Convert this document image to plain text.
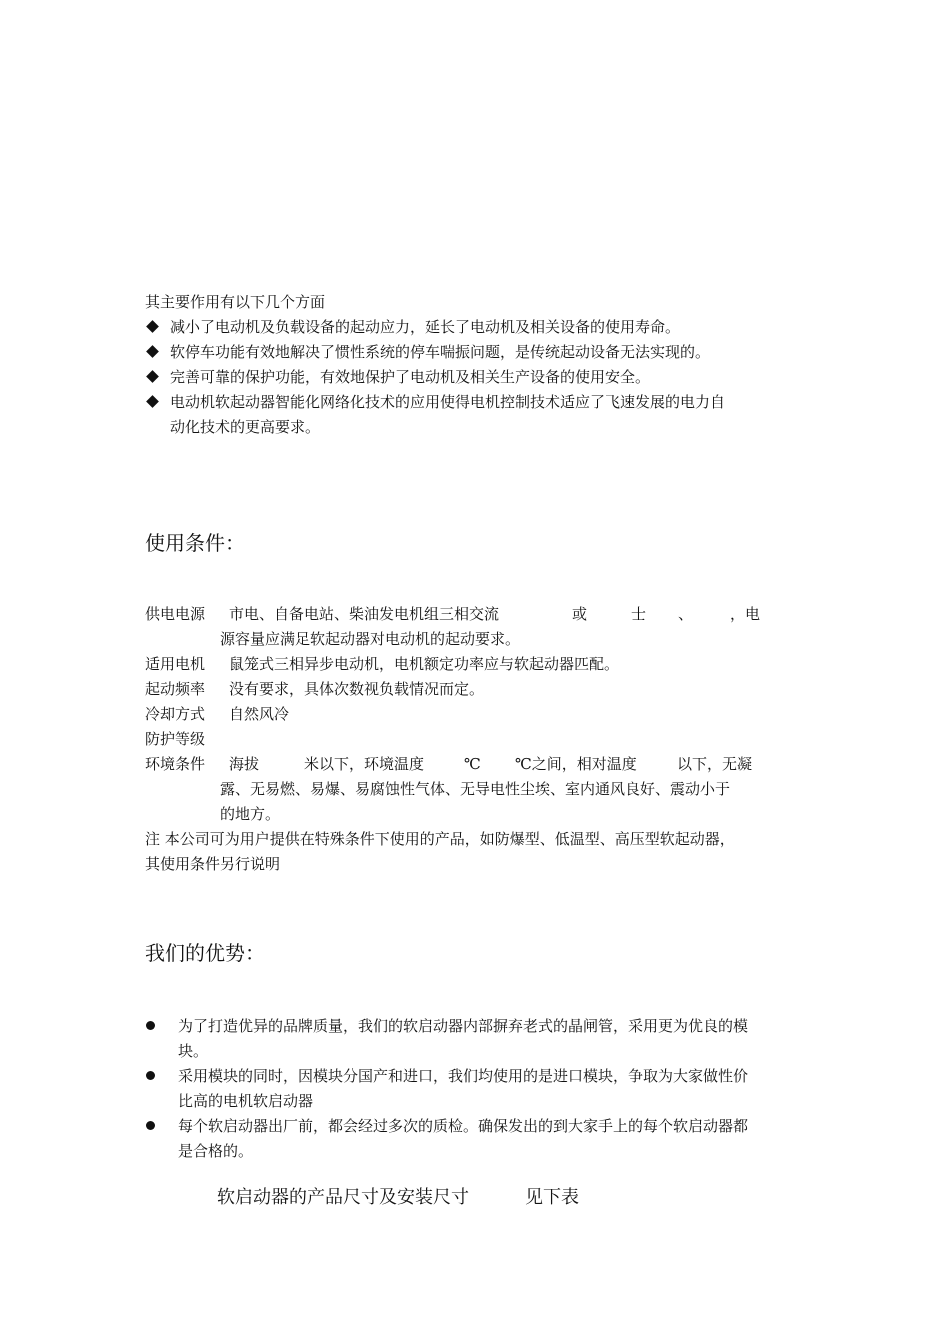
其主要作用有以下几个方面
减小了电动机及负载设备的起动应力，延长了电动机及相关设备的使用寿命。
软停车功能有效地解决了惯性系统的停车喘振问题，是传统起动设备无法实现的。
完善可靠的保护功能，有效地保护了电动机及相关生产设备的使用安全。
电动机软起动器智能化网络化技术的应用使得电机控制技术适应了飞速发展的电力自
动化技术的更高要求。
使用条件：
供电电源 市电、自备电站、柴油发电机组三相交流	或	士 、 ，电
源容量应满足软起动器对电动机的起动要求。
适用电机 鼠笼式三相异步电动机，电机额定功率应与软起动器匹配。
起动频率 没有要求，具体次数视负载情况而定。
冷却方式 自然风冷
防护等级
环境条件 海拔	米以下，环境温度	℃ ℃之间，相对温度	以下，无凝
露、无易燃、易爆、易腐蚀性气体、无导电性尘埃、室内通风良好、震动小于
的地方。
注 本公司可为用户提供在特殊条件下使用的产品，如防爆型、低温型、高压型软起动器，
其使用条件另行说明
我们的优势：
为了打造优异的品牌质量，我们的软启动器内部摒弃老式的晶闸管，采用更为优良的模
块。
采用模块的同时，因模块分国产和进口，我们均使用的是进口模块，争取为大家做性价
比高的电机软启动器
每个软启动器出厂前，都会经过多次的质检。确保发出的到大家手上的每个软启动器都
是合格的。
软启动器的产品尺寸及安装尺寸	见下表
